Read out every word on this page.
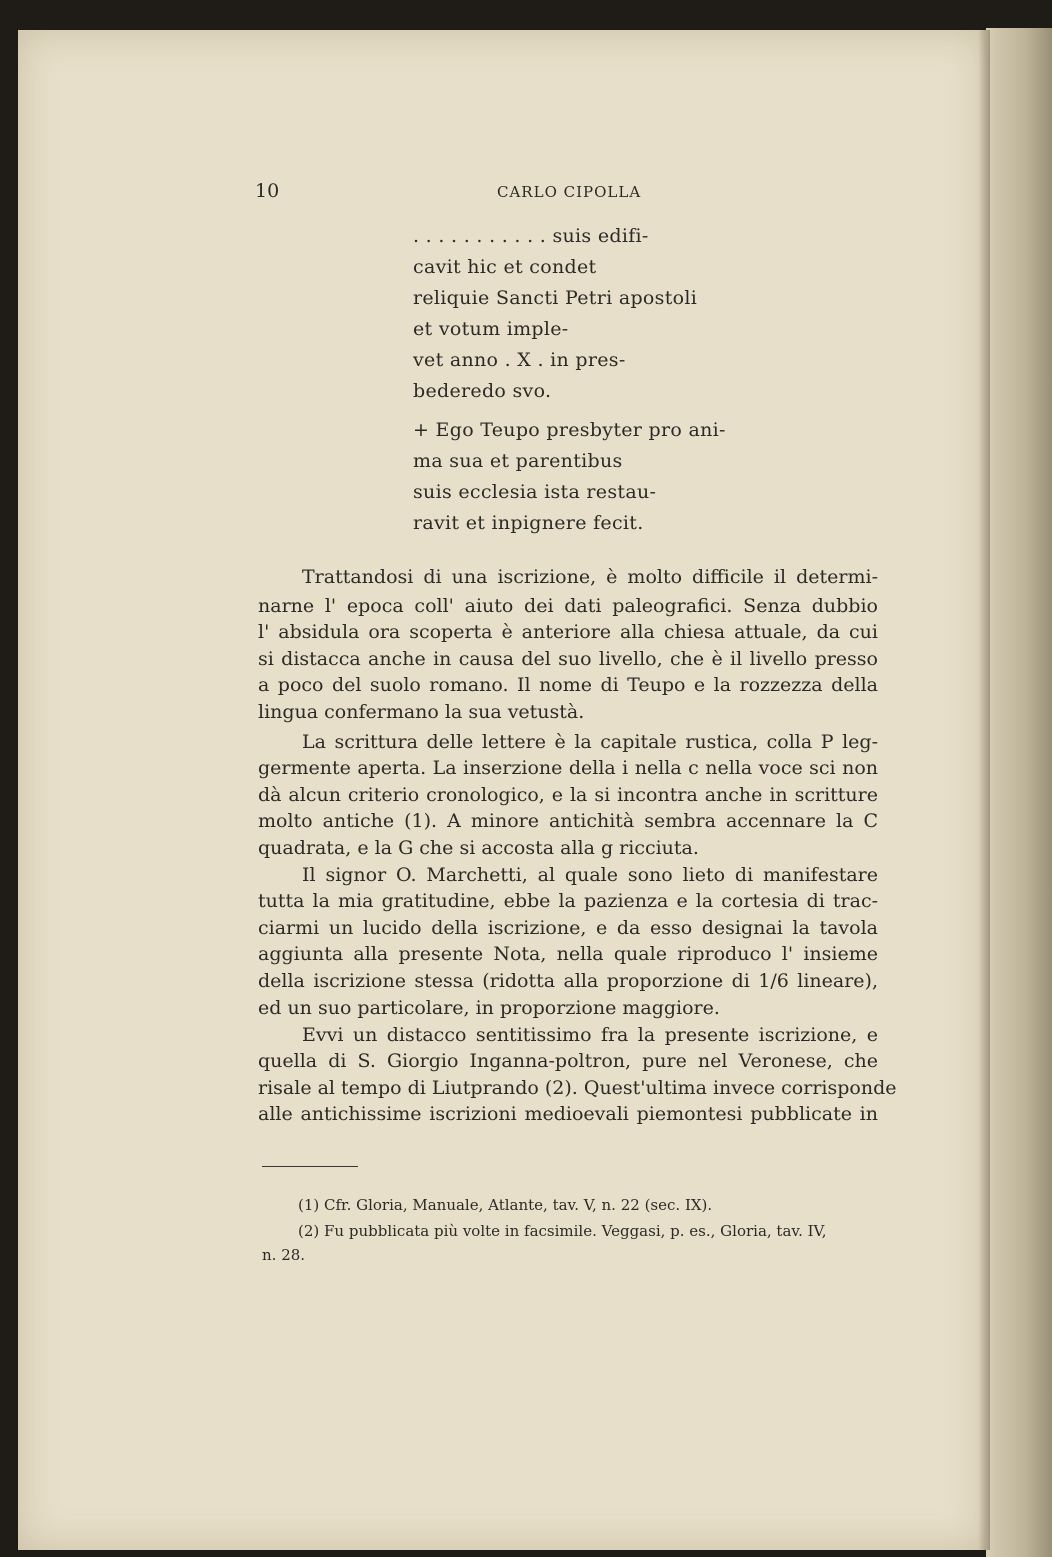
10	CARLO CIPOLLA

. . . . . . . . . . . suis edifi-

cavit hic et condet

reliquie Sancti Petri apostoli

et votum imple-

vet anno . X . in pres-

bederedo svo.

+ Ego Teupo presbyter pro ani-

ma sua et parentibus

suis ecclesia ista restau-

ravit et inpignere fecit.

Trattandosi di una iscrizione, è molto difficile il determi-

narne l' epoca coll' aiuto dei dati paleografici. Senza dubbio

l' absidula ora scoperta è anteriore alla chiesa attuale, da cui

si distacca anche in causa del suo livello, che è il livello presso

a poco del suolo romano. Il nome di Teupo e la rozzezza della

lingua confermano la sua vetustà.

La scrittura delle lettere è la capitale rustica, colla P leg-

germente aperta. La inserzione della i nella c nella voce sci non

dà alcun criterio cronologico, e la si incontra anche in scritture

molto antiche (1). A minore antichità sembra accennare la C

quadrata, e la G che si accosta alla g ricciuta.

Il signor O. Marchetti, al quale sono lieto di manifestare

tutta la mia gratitudine, ebbe la pazienza e la cortesia di trac-

ciarmi un lucido della iscrizione, e da esso designai la tavola

aggiunta alla presente Nota, nella quale riproduco l' insieme

della iscrizione stessa (ridotta alla proporzione di 1/6 lineare),

ed un suo particolare, in proporzione maggiore.

Evvi un distacco sentitissimo fra la presente iscrizione, e

quella di S. Giorgio Inganna-poltron, pure nel Veronese, che

risale al tempo di Liutprando (2). Quest'ultima invece corrisponde

alle antichissime iscrizioni medioevali piemontesi pubblicate in

(1) Cfr. Gloria, Manuale, Atlante, tav. V, n. 22 (sec. IX).

(2) Fu pubblicata più volte in facsimile. Veggasi, p. es., Gloria, tav. IV,

n. 28.
